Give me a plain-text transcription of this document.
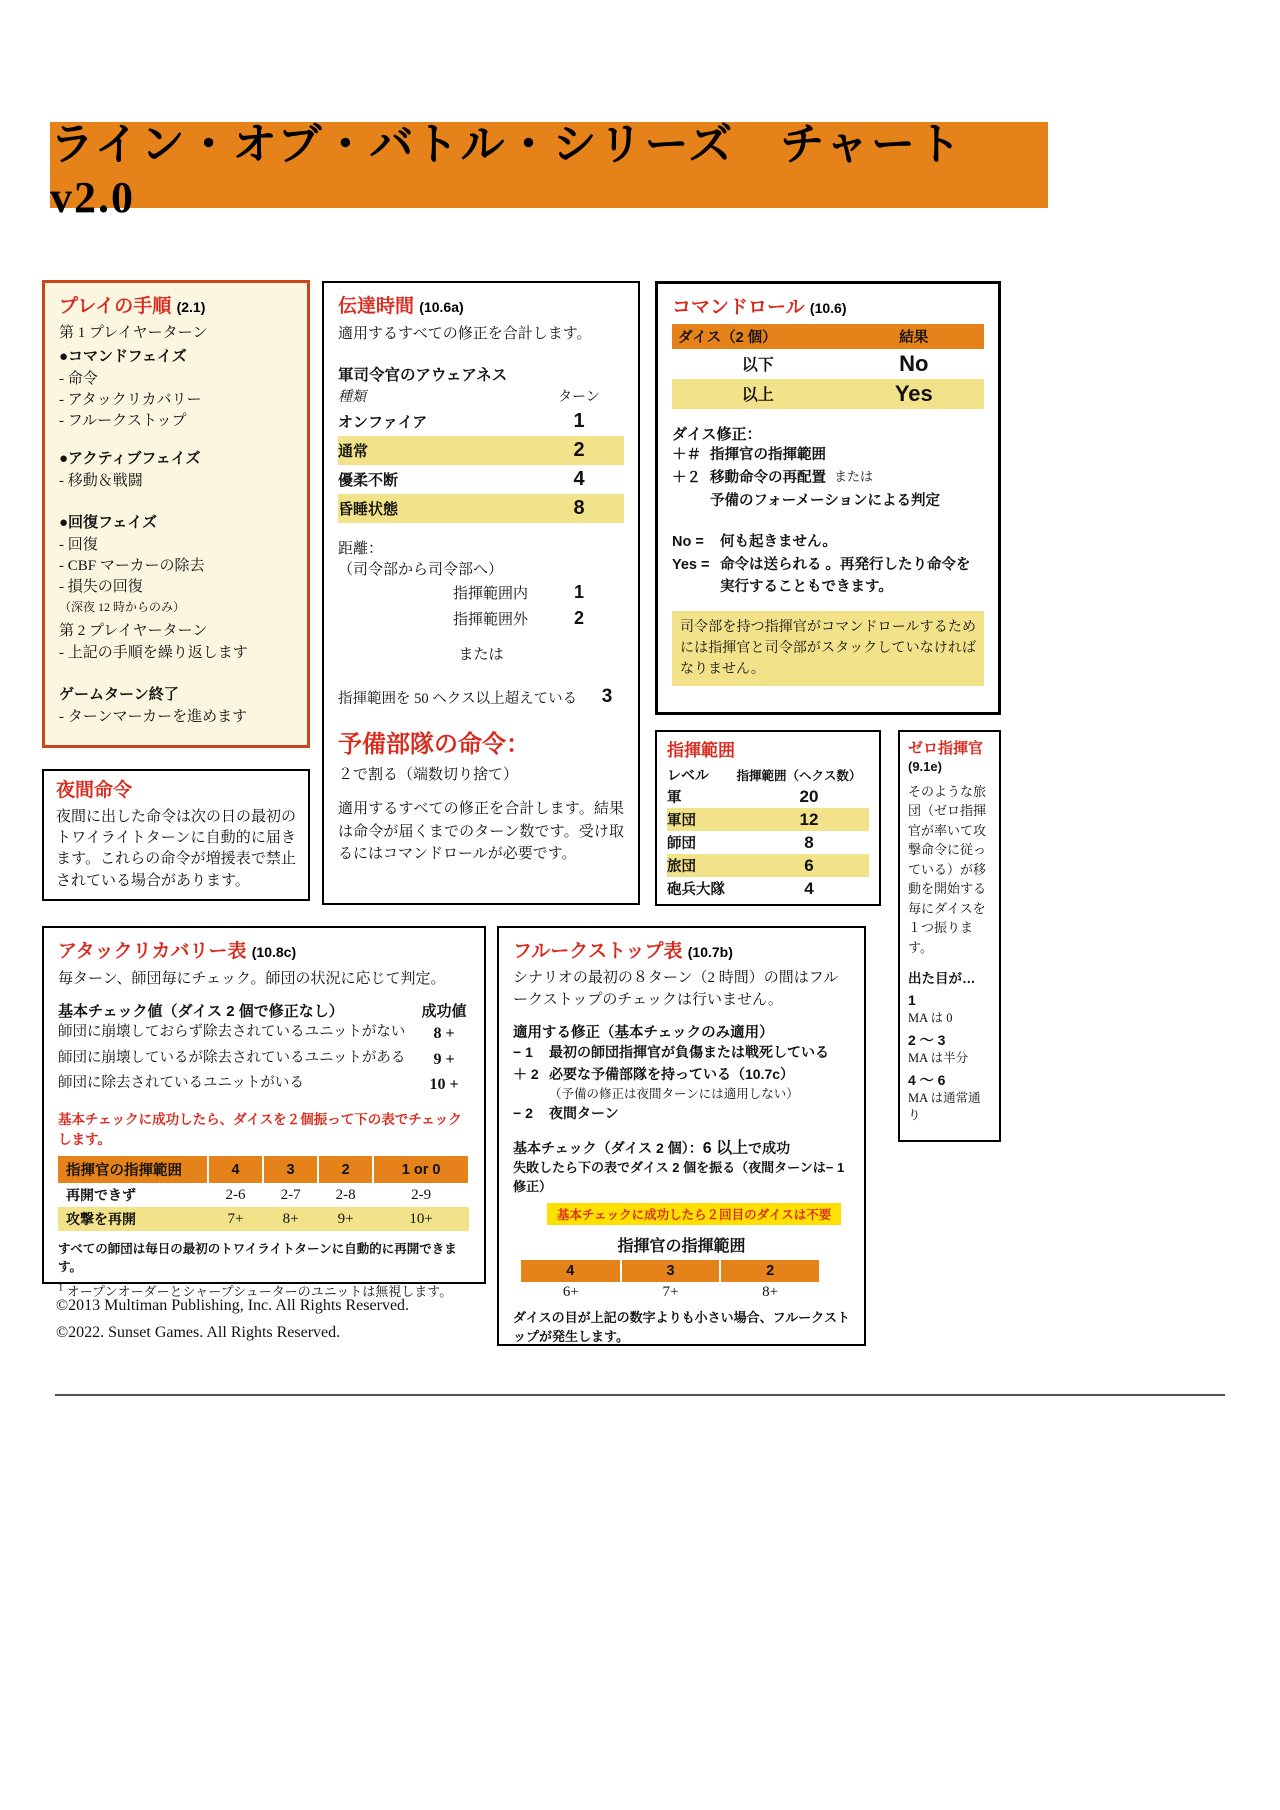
ライン・オブ・バトル・シリーズ　チャート v2.0
プレイの手順 (2.1)
第 1 プレイヤーターン
●コマンドフェイズ
- 命令
- アタックリカバリー
- フルークストップ
●アクティブフェイズ
- 移動＆戦闘
●回復フェイズ
- 回復
- CBF マーカーの除去
- 損失の回復
（深夜 12 時からのみ）
第 2 プレイヤーターン
- 上記の手順を繰り返します
ゲームターン終了
- ターンマーカーを進めます
夜間命令
夜間に出した命令は次の日の最初のトワイライトターンに自動的に届きます。これらの命令が増援表で禁止されている場合があります。
伝達時間 (10.6a)
適用するすべての修正を合計します。
軍司令官のアウェアネス
種類	ターン
オンファイア	1
通常	2
優柔不断	4
昏睡状態	8
距離：
（司令部から司令部へ）
指揮範囲内	1
指揮範囲外	2
または
指揮範囲を 50 ヘクス以上超えている	3
予備部隊の命令：
２で割る（端数切り捨て）
適用するすべての修正を合計します。結果は命令が届くまでのターン数です。受け取るにはコマンドロールが必要です。
コマンドロール (10.6)
ダイス（2 個）	結果
以下	No
以上	Yes
ダイス修正：
＋＃ 指揮官の指揮範囲
＋２ 移動命令の再配置 または
予備のフォーメーションによる判定
No =	何も起きません。
Yes = 命令は送られる 。再発行したり命令を
実行することもできます。
司令部を持つ指揮官がコマンドロールするためには指揮官と司令部がスタックしていなければなりません。
指揮範囲
レベル	指揮範囲（ヘクス数）
軍	20
軍団	12
師団	8
旅団	6
砲兵大隊	4
ゼロ指揮官
(9.1e)
そのような旅団（ゼロ指揮官が率いて攻撃命令に従っている）が移動を開始する毎にダイスを１つ振ります。
出た目が…
1
MA は 0
2 ～ 3
MA は半分
4 ～ 6
MA は通常通り
アタックリカバリー表 (10.8c)
毎ターン、師団毎にチェック。師団の状況に応じて判定。
基本チェック値（ダイス 2 個で修正なし）	成功値
師団に崩壊しておらず除去されているユニットがない	8 +
師団に崩壊しているが除去されているユニットがある	9 +
師団に除去されているユニットがいる	10 +
基本チェックに成功したら、ダイスを２個振って下の表でチェックします。
指揮官の指揮範囲	4	3	2	1 or 0
再開できず	2-6	2-7	2-8	2-9
攻撃を再開	7+	8+	9+	10+
すべての師団は毎日の最初のトワイライトターンに自動的に再開できます。
$^1$ オープンオーダーとシャープシューターのユニットは無視します。
©2013 Multiman Publishing, Inc. All Rights Reserved.
©2022. Sunset Games. All Rights Reserved.
フルークストップ表 (10.7b)
シナリオの最初の８ターン（2 時間）の間はフルークストップのチェックは行いません。
適用する修正（基本チェックのみ適用）
− 1	最初の師団指揮官が負傷または戦死している
＋ 2 必要な予備部隊を持っている（10.7c）
（予備の修正は夜間ターンには適用しない）
− 2	夜間ターン
基本チェック（ダイス 2 個）：6 以上で成功
失敗したら下の表でダイス 2 個を振る（夜間ターンは− 1 修正）
基本チェックに成功したら２回目のダイスは不要
指揮官の指揮範囲
4	3	2
6+	7+	8+
ダイスの目が上記の数字よりも小さい場合、フルークストップが発生します。
